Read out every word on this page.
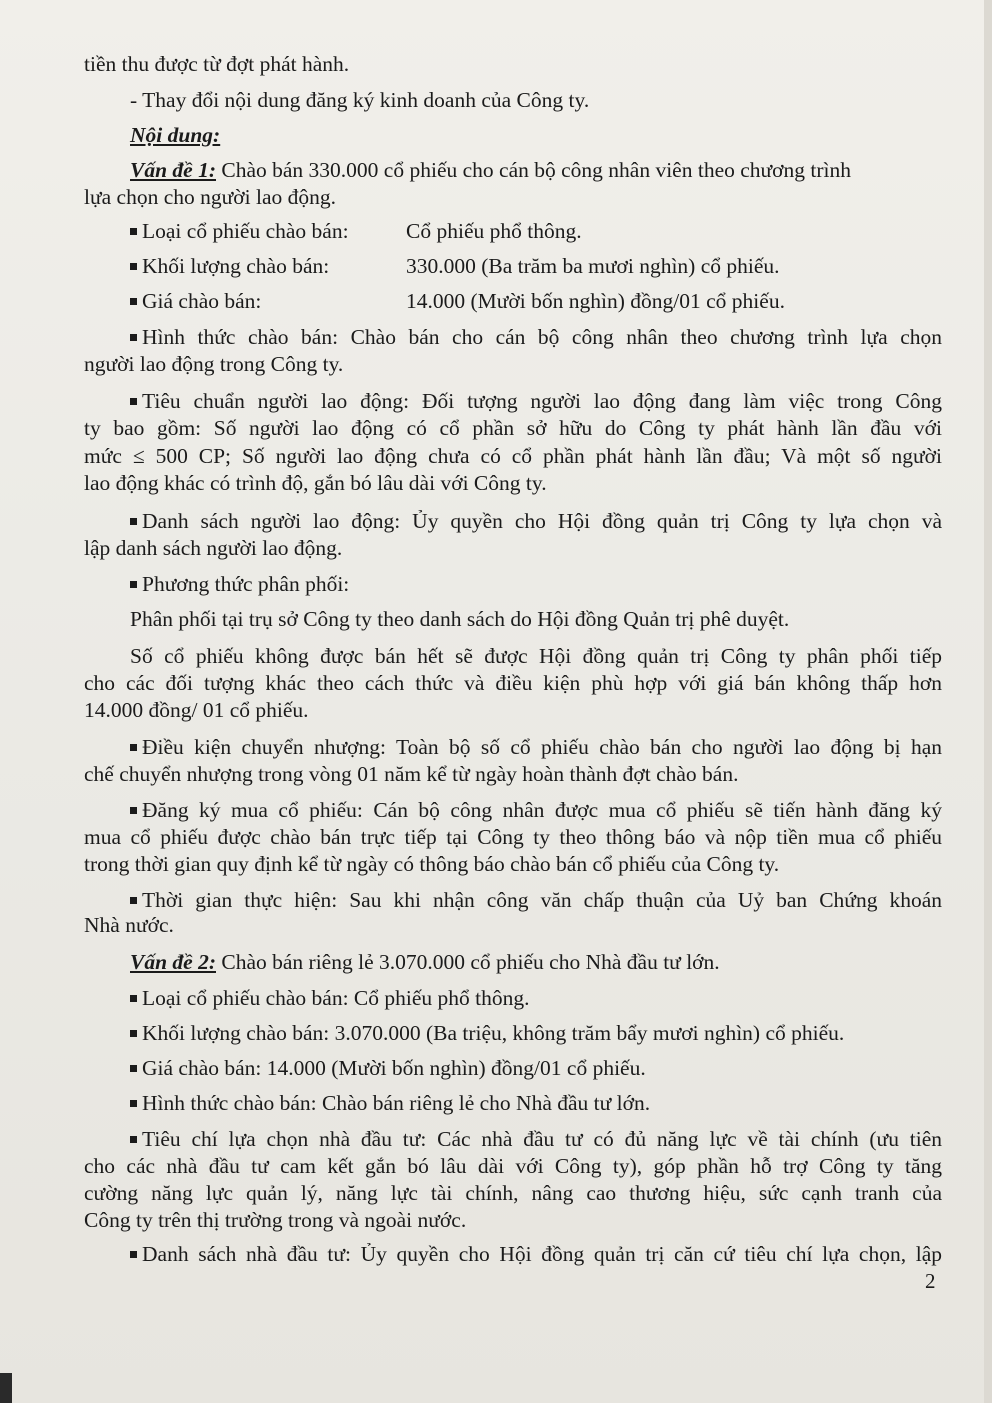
tiền thu được từ đợt phát hành.
- Thay đổi nội dung đăng ký kinh doanh của Công ty.
Nội dung:
Vấn đề 1: Chào bán 330.000 cổ phiếu cho cán bộ công nhân viên theo chương trình
lựa chọn cho người lao động.
Loại cổ phiếu chào bán:	Cổ phiếu phổ thông.
Khối lượng chào bán:	330.000 (Ba trăm ba mươi nghìn) cổ phiếu.
Giá chào bán:	14.000 (Mười bốn nghìn) đồng/01 cổ phiếu.
Hình thức chào bán: Chào bán cho cán bộ công nhân theo chương trình lựa chọn
người lao động trong Công ty.
Tiêu chuẩn người lao động: Đối tượng người lao động đang làm việc trong Công
ty bao gồm: Số người lao động có cổ phần sở hữu do Công ty phát hành lần đầu với
mức ≤ 500 CP; Số người lao động chưa có cổ phần phát hành lần đầu; Và một số người
lao động khác có trình độ, gắn bó lâu dài với Công ty.
Danh sách người lao động: Ủy quyền cho Hội đồng quản trị Công ty lựa chọn và
lập danh sách người lao động.
Phương thức phân phối:
Phân phối tại trụ sở Công ty theo danh sách do Hội đồng Quản trị phê duyệt.
Số cổ phiếu không được bán hết sẽ được Hội đồng quản trị Công ty phân phối tiếp
cho các đối tượng khác theo cách thức và điều kiện phù hợp với giá bán không thấp hơn
14.000 đồng/ 01 cổ phiếu.
Điều kiện chuyển nhượng: Toàn bộ số cổ phiếu chào bán cho người lao động bị hạn
chế chuyển nhượng trong vòng 01 năm kể từ ngày hoàn thành đợt chào bán.
Đăng ký mua cổ phiếu: Cán bộ công nhân được mua cổ phiếu sẽ tiến hành đăng ký
mua cổ phiếu được chào bán trực tiếp tại Công ty theo thông báo và nộp tiền mua cổ phiếu
trong thời gian quy định kể từ ngày có thông báo chào bán cổ phiếu của Công ty.
Thời gian thực hiện: Sau khi nhận công văn chấp thuận của Uỷ ban Chứng khoán
Nhà nước.
Vấn đề 2: Chào bán riêng lẻ 3.070.000 cổ phiếu cho Nhà đầu tư lớn.
Loại cổ phiếu chào bán: Cổ phiếu phổ thông.
Khối lượng chào bán: 3.070.000 (Ba triệu, không trăm bẩy mươi nghìn) cổ phiếu.
Giá chào bán: 14.000 (Mười bốn nghìn) đồng/01 cổ phiếu.
Hình thức chào bán: Chào bán riêng lẻ cho Nhà đầu tư lớn.
Tiêu chí lựa chọn nhà đầu tư: Các nhà đầu tư có đủ năng lực về tài chính (ưu tiên
cho các nhà đầu tư cam kết gắn bó lâu dài với Công ty), góp phần hỗ trợ Công ty tăng
cường năng lực quản lý, năng lực tài chính, nâng cao thương hiệu, sức cạnh tranh của
Công ty trên thị trường trong và ngoài nước.
Danh sách nhà đầu tư: Ủy quyền cho Hội đồng quản trị căn cứ tiêu chí lựa chọn, lập
2
